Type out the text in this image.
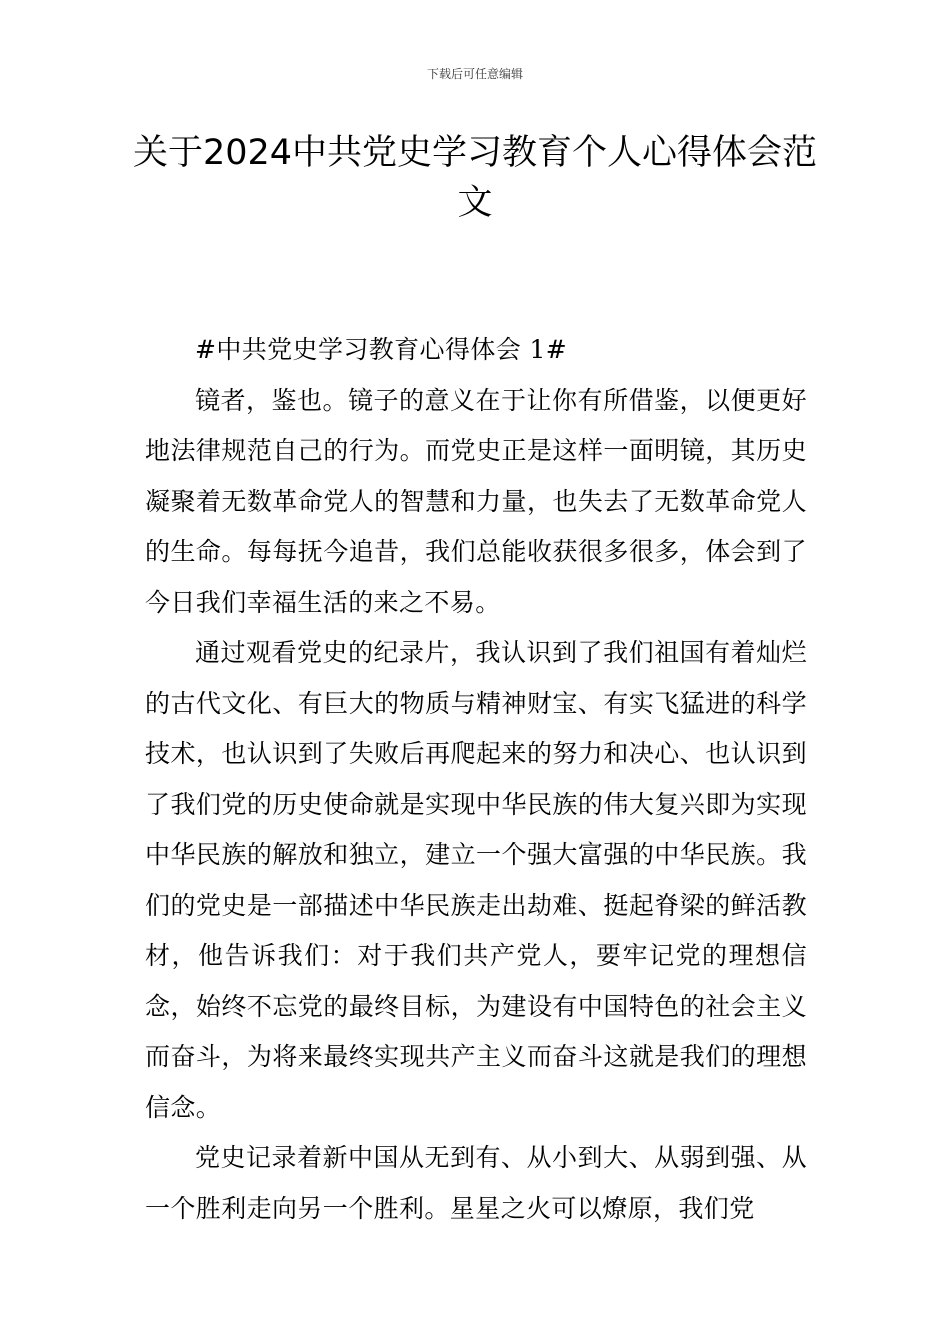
下载后可任意编辑
关于2024中共党史学习教育个人心得体会范文

#中共党史学习教育心得体会 1#

镜者，鉴也。镜子的意义在于让你有所借鉴，以便更好地法律规范自己的行为。而党史正是这样一面明镜，其历史凝聚着无数革命党人的智慧和力量，也失去了无数革命党人的生命。每每抚今追昔，我们总能收获很多很多，体会到了今日我们幸福生活的来之不易。

通过观看党史的纪录片，我认识到了我们祖国有着灿烂的古代文化、有巨大的物质与精神财宝、有实飞猛进的科学技术，也认识到了失败后再爬起来的努力和决心、也认识到了我们党的历史使命就是实现中华民族的伟大复兴即为实现中华民族的解放和独立，建立一个强大富强的中华民族。我们的党史是一部描述中华民族走出劫难、挺起脊梁的鲜活教材，他告诉我们：对于我们共产党人，要牢记党的理想信念，始终不忘党的最终目标，为建设有中国特色的社会主义而奋斗，为将来最终实现共产主义而奋斗这就是我们的理想信念。

党史记录着新中国从无到有、从小到大、从弱到强、从一个胜利走向另一个胜利。星星之火可以燎原，我们党
